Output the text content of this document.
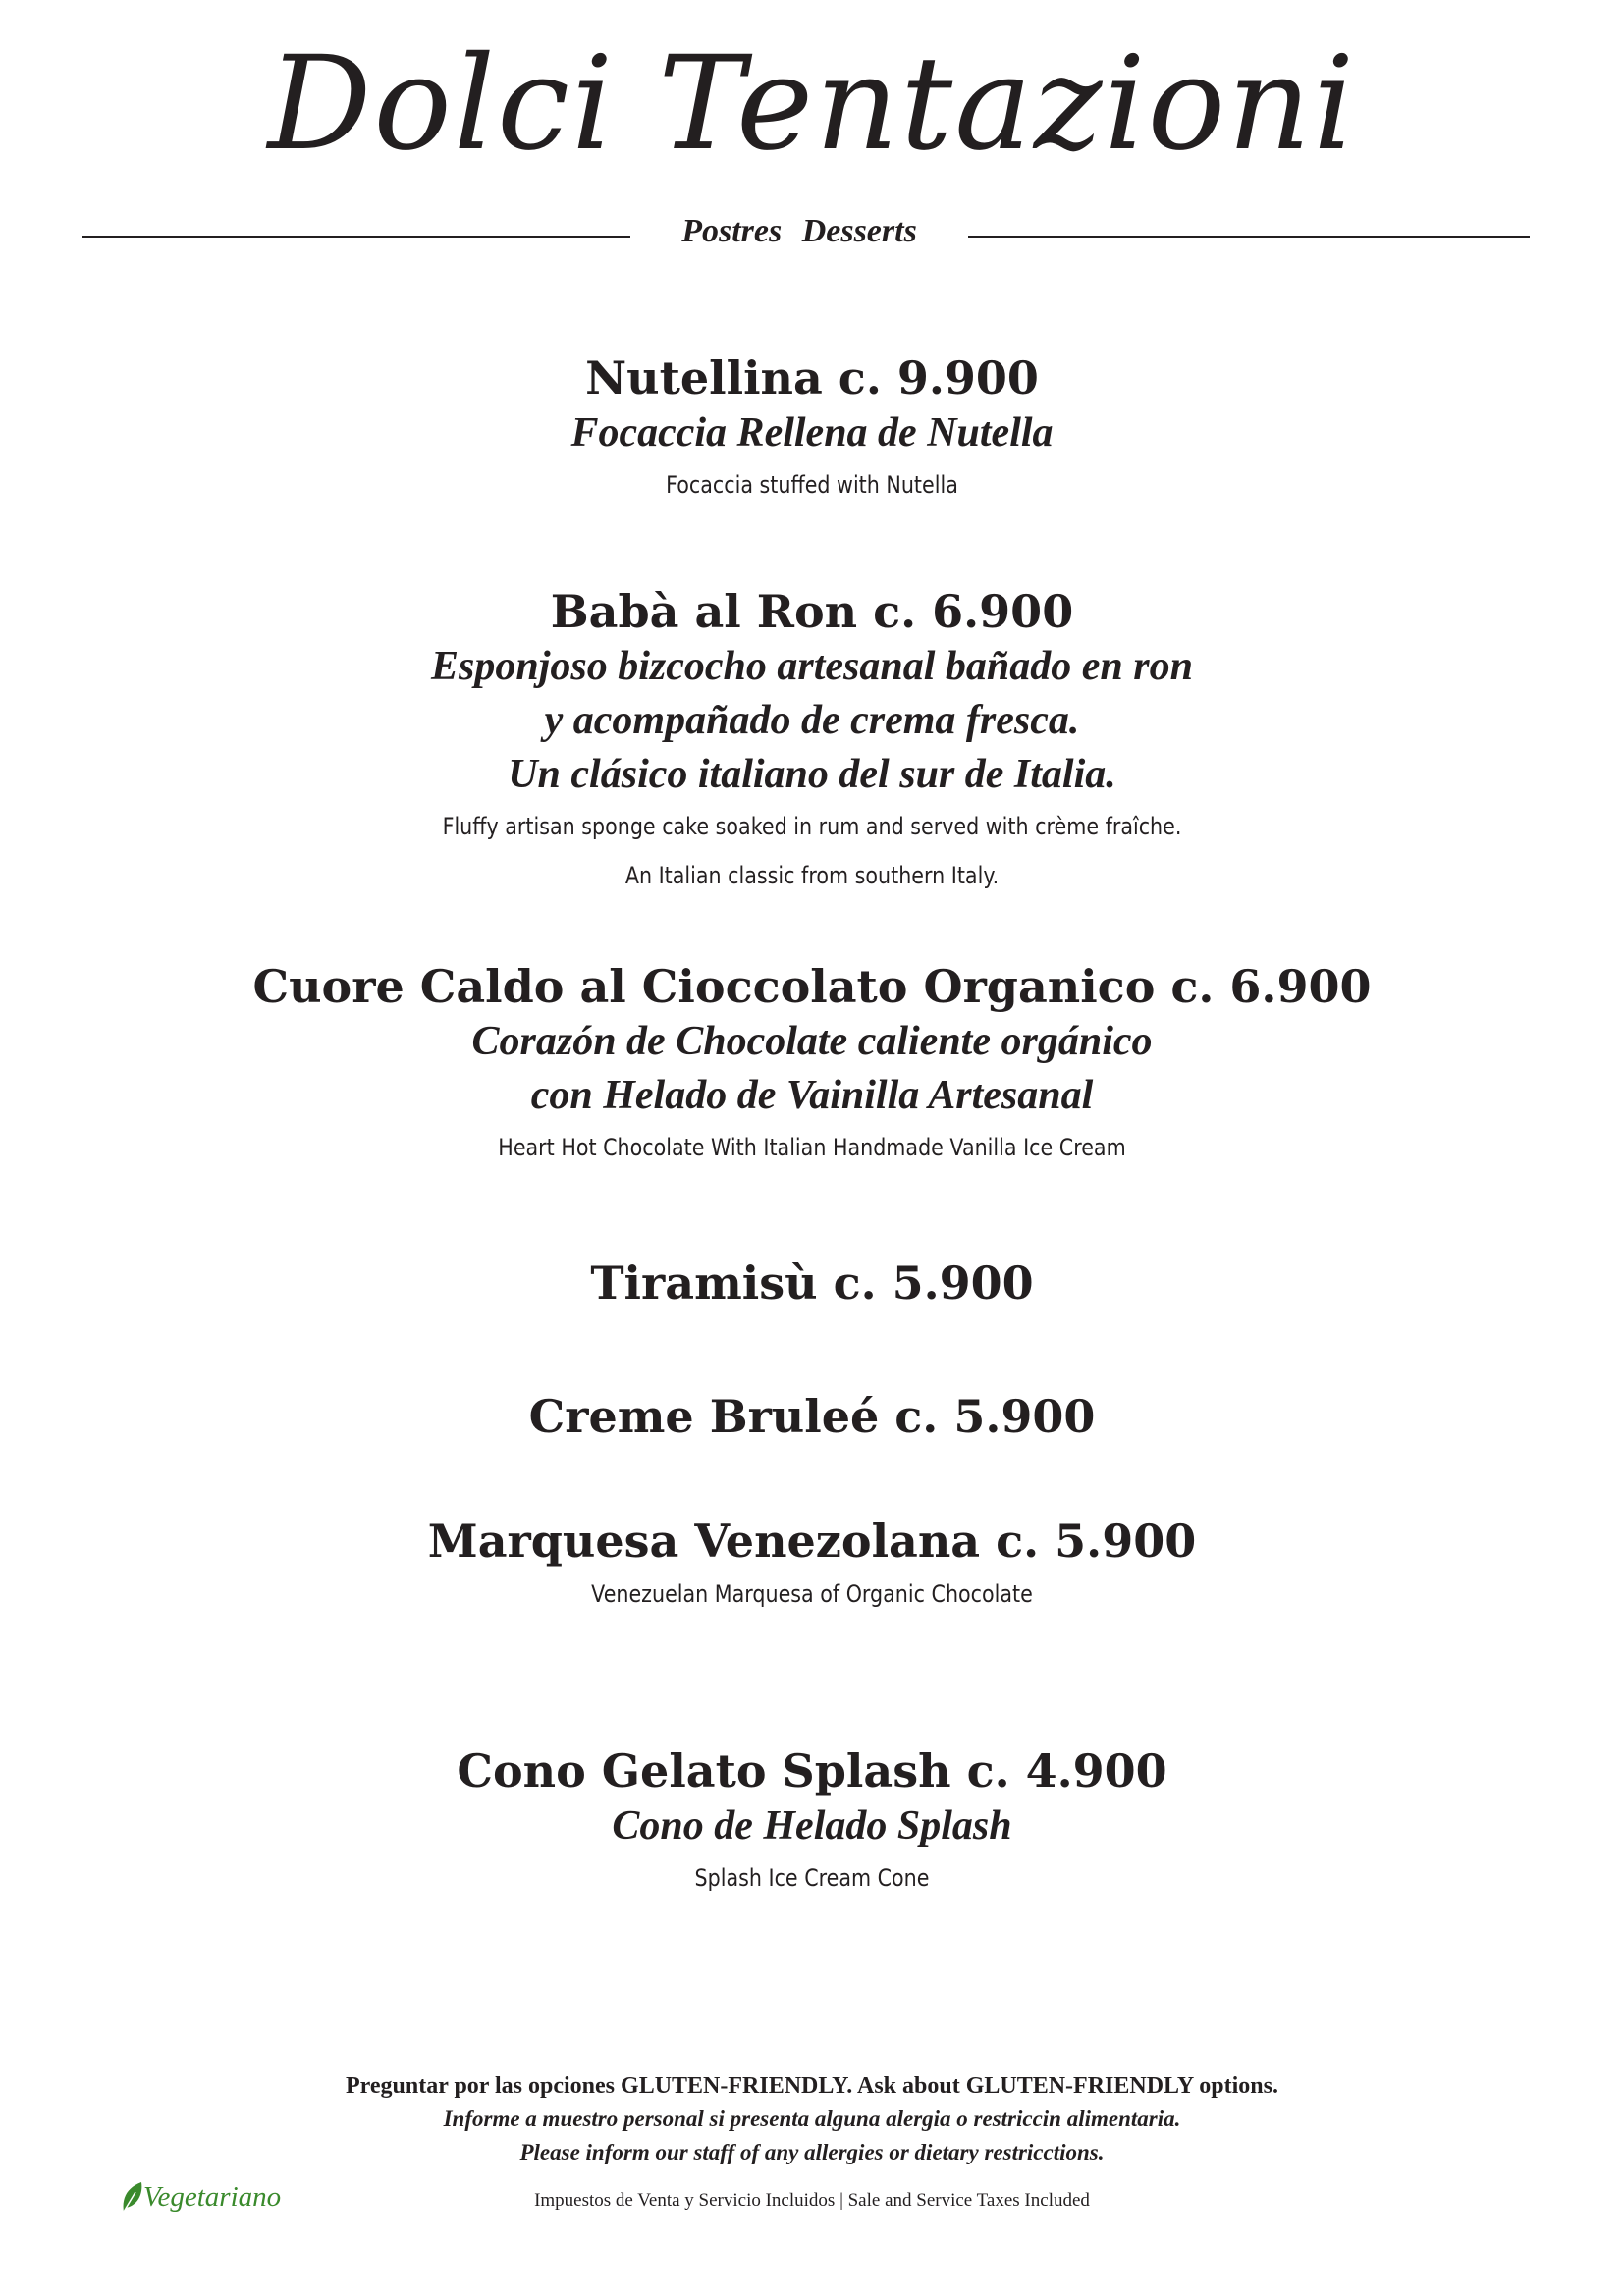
Dolci Tentazioni
Postres Desserts
Nutellina c. 9.900
Focaccia Rellena de Nutella
Focaccia stuffed with Nutella
Babà al Ron c. 6.900
Esponjoso bizcocho artesanal bañado en ron
y acompañado de crema fresca.
Un clásico italiano del sur de Italia.
Fluffy artisan sponge cake soaked in rum and served with crème fraîche.
An Italian classic from southern Italy.
Cuore Caldo al Cioccolato Organico c. 6.900
Corazón de Chocolate caliente orgánico
con Helado de Vainilla Artesanal
Heart Hot Chocolate With Italian Handmade Vanilla Ice Cream
Tiramisù c. 5.900
Creme Bruleé c. 5.900
Marquesa Venezolana c. 5.900
Venezuelan Marquesa of Organic Chocolate
Cono Gelato Splash c. 4.900
Cono de Helado Splash
Splash Ice Cream Cone
Preguntar por las opciones GLUTEN-FRIENDLY. Ask about GLUTEN-FRIENDLY options.
Informe a muestro personal si presenta alguna alergia o restriccin alimentaria.
Please inform our staff of any allergies or dietary restricctions.
Impuestos de Venta y Servicio Incluidos | Sale and Service Taxes Included
Vegetariano
